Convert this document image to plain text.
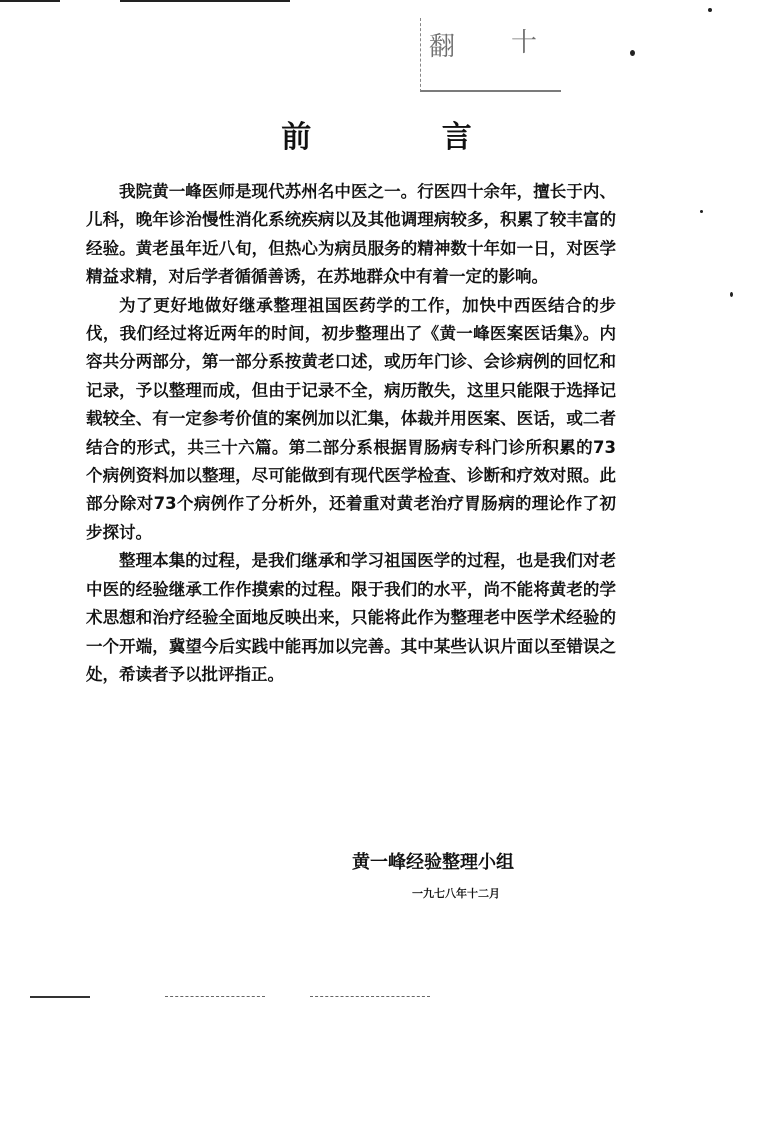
翻 十
前 言

我院黄一峰医师是现代苏州名中医之一。行医四十余年，擅长于内、儿科，晚年诊治慢性消化系统疾病以及其他调理病较多，积累了较丰富的经验。黄老虽年近八旬，但热心为病员服务的精神数十年如一日，对医学精益求精，对后学者循循善诱，在苏地群众中有着一定的影响。

为了更好地做好继承整理祖国医药学的工作，加快中西医结合的步伐，我们经过将近两年的时间，初步整理出了《黄一峰医案医话集》。内容共分两部分，第一部分系按黄老口述，或历年门诊、会诊病例的回忆和记录，予以整理而成，但由于记录不全，病历散失，这里只能限于选择记载较全、有一定参考价值的案例加以汇集，体裁并用医案、医话，或二者结合的形式，共三十六篇。第二部分系根据胃肠病专科门诊所积累的73个病例资料加以整理，尽可能做到有现代医学检查、诊断和疗效对照。此部分除对73个病例作了分析外，还着重对黄老治疗胃肠病的理论作了初步探讨。

整理本集的过程，是我们继承和学习祖国医学的过程，也是我们对老中医的经验继承工作作摸索的过程。限于我们的水平，尚不能将黄老的学术思想和治疗经验全面地反映出来，只能将此作为整理老中医学术经验的一个开端，冀望今后实践中能再加以完善。其中某些认识片面以至错误之处，希读者予以批评指正。

黄一峰经验整理小组
一九七八年十二月
